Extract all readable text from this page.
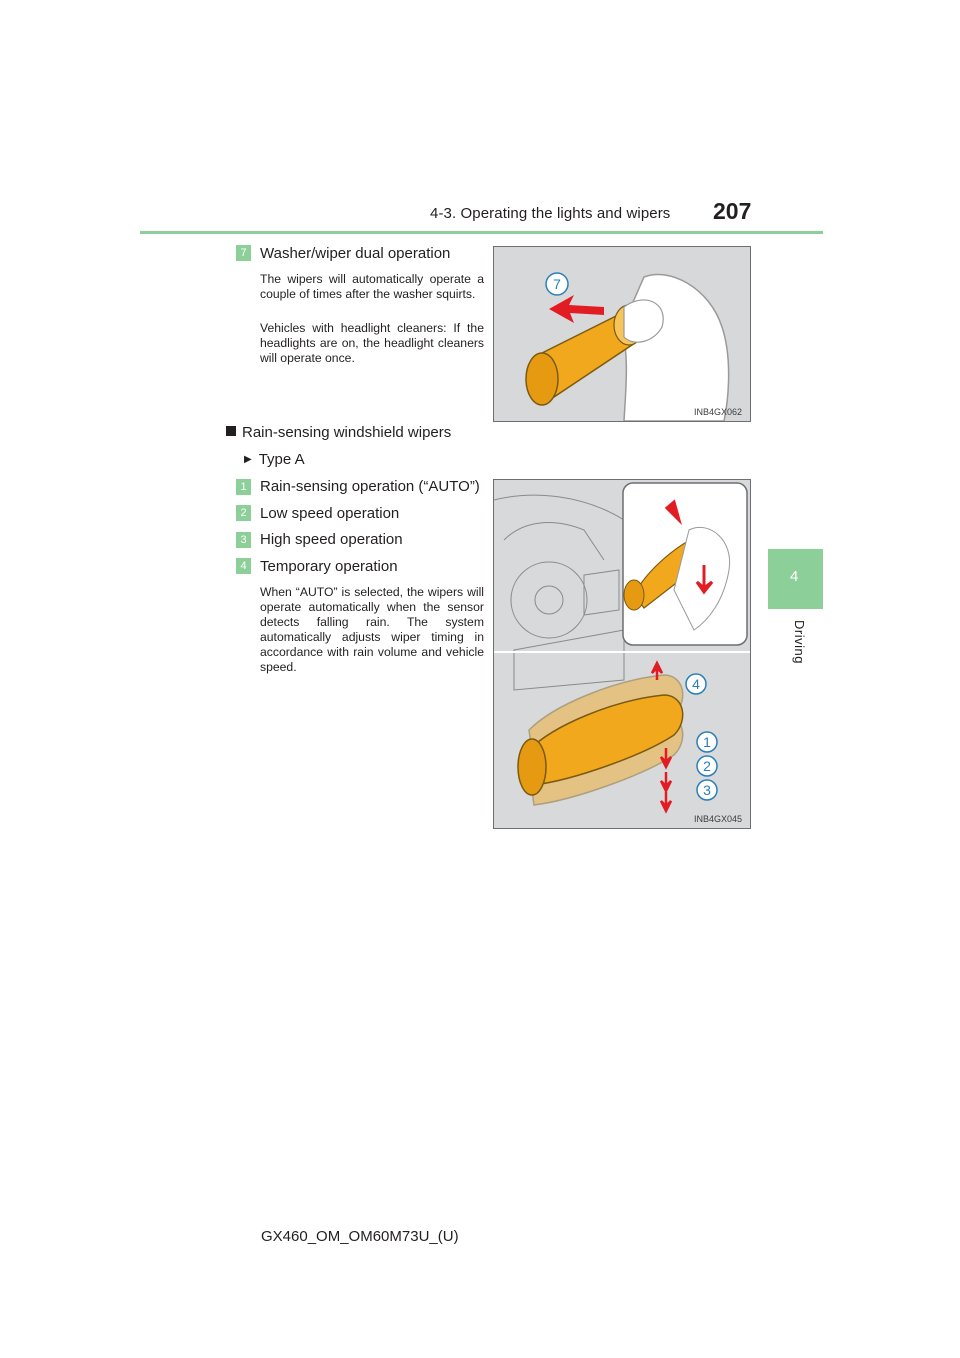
4-3. Operating the lights and wipers 207
4
Driving
7 Washer/wiper dual operation

The wipers will automatically operate a couple of times after the washer squirts.

Vehicles with headlight cleaners: If the headlights are on, the headlight cleaners will operate once.

7
INB4GX062
Rain-sensing windshield wipers
▶ Type A
1 Rain-sensing operation (“AUTO”)
2 Low speed operation
3 High speed operation
4 Temporary operation

When “AUTO” is selected, the wipers will operate automatically when the sensor detects falling rain. The system automatically adjusts wiper timing in accordance with rain volume and vehicle speed.

4
1
2
3
INB4GX045
GX460_OM_OM60M73U_(U)
